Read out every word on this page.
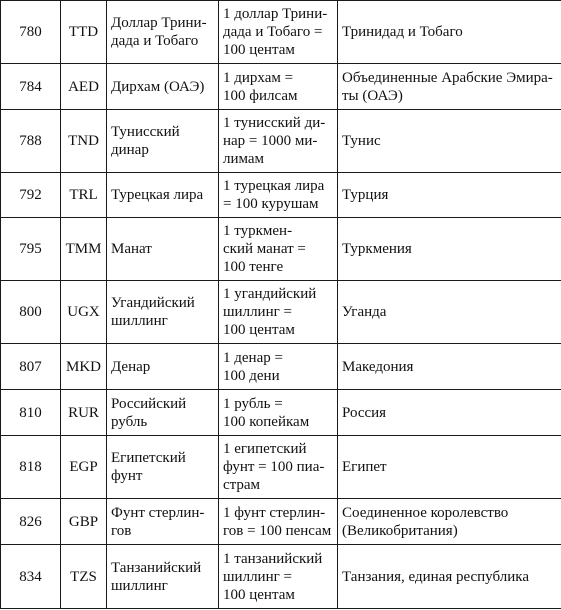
780	TTD	Доллар Трини-
дада и Тобаго	1 доллар Трини-
дада и Тобаго =
100 центам	Тринидад и Тобаго
784	AED	Дирхам (ОАЭ)	1 дирхам =
100 филсам	Объединенные Арабские Эмира-
ты (ОАЭ)
788	TND	Тунисский
динар	1 тунисский ди-
нар = 1000 ми-
лимам	Тунис
792	TRL	Турецкая лира	1 турецкая лира
= 100 курушам	Турция
795	TMM	Манат	1 туркмен-
ский манат =
100 тенге	Туркмения
800	UGX	Угандийский
шиллинг	1 угандийский
шиллинг =
100 центам	Уганда
807	MKD	Денар	1 денар =
100 дени	Македония
810	RUR	Российский
рубль	1 рубль =
100 копейкам	Россия
818	EGP	Египетский
фунт	1 египетский
фунт = 100 пиа-
страм	Египет
826	GBP	Фунт стерлин-
гов	1 фунт стерлин-
гов = 100 пенсам	Соединенное королевство
(Великобритания)
834	TZS	Танзанийский
шиллинг	1 танзанийский
шиллинг =
100 центам	Танзания, единая республика
